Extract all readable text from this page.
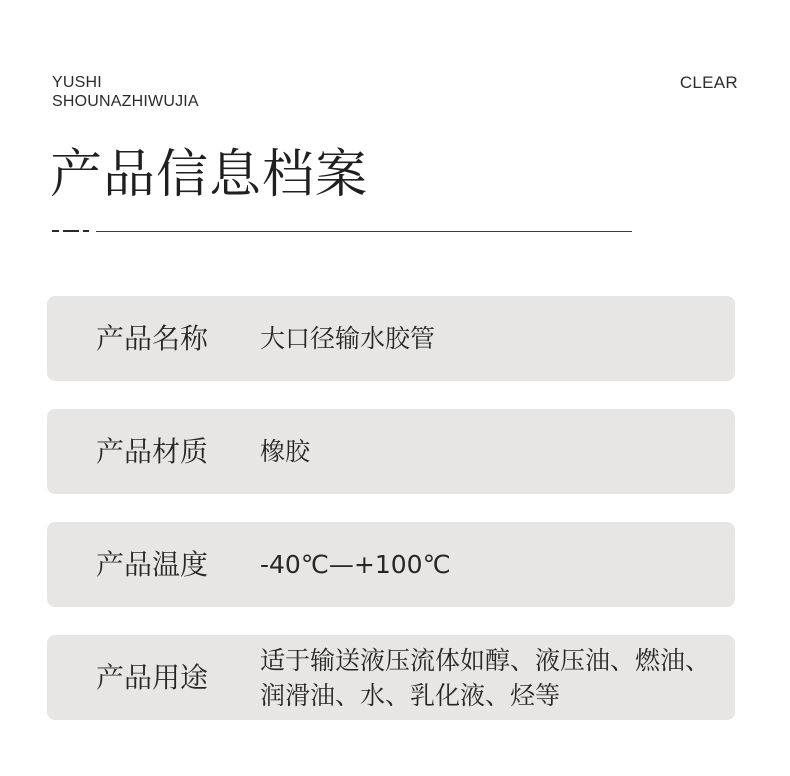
YUSHI
SHOUNAZHIWUJIA
CLEAR
产品信息档案
产品名称 大口径输水胶管
产品材质 橡胶
产品温度 -40℃—+100℃
产品用途
适于输送液压流体如醇、液压油、燃油、润滑油、水、乳化液、烃等
